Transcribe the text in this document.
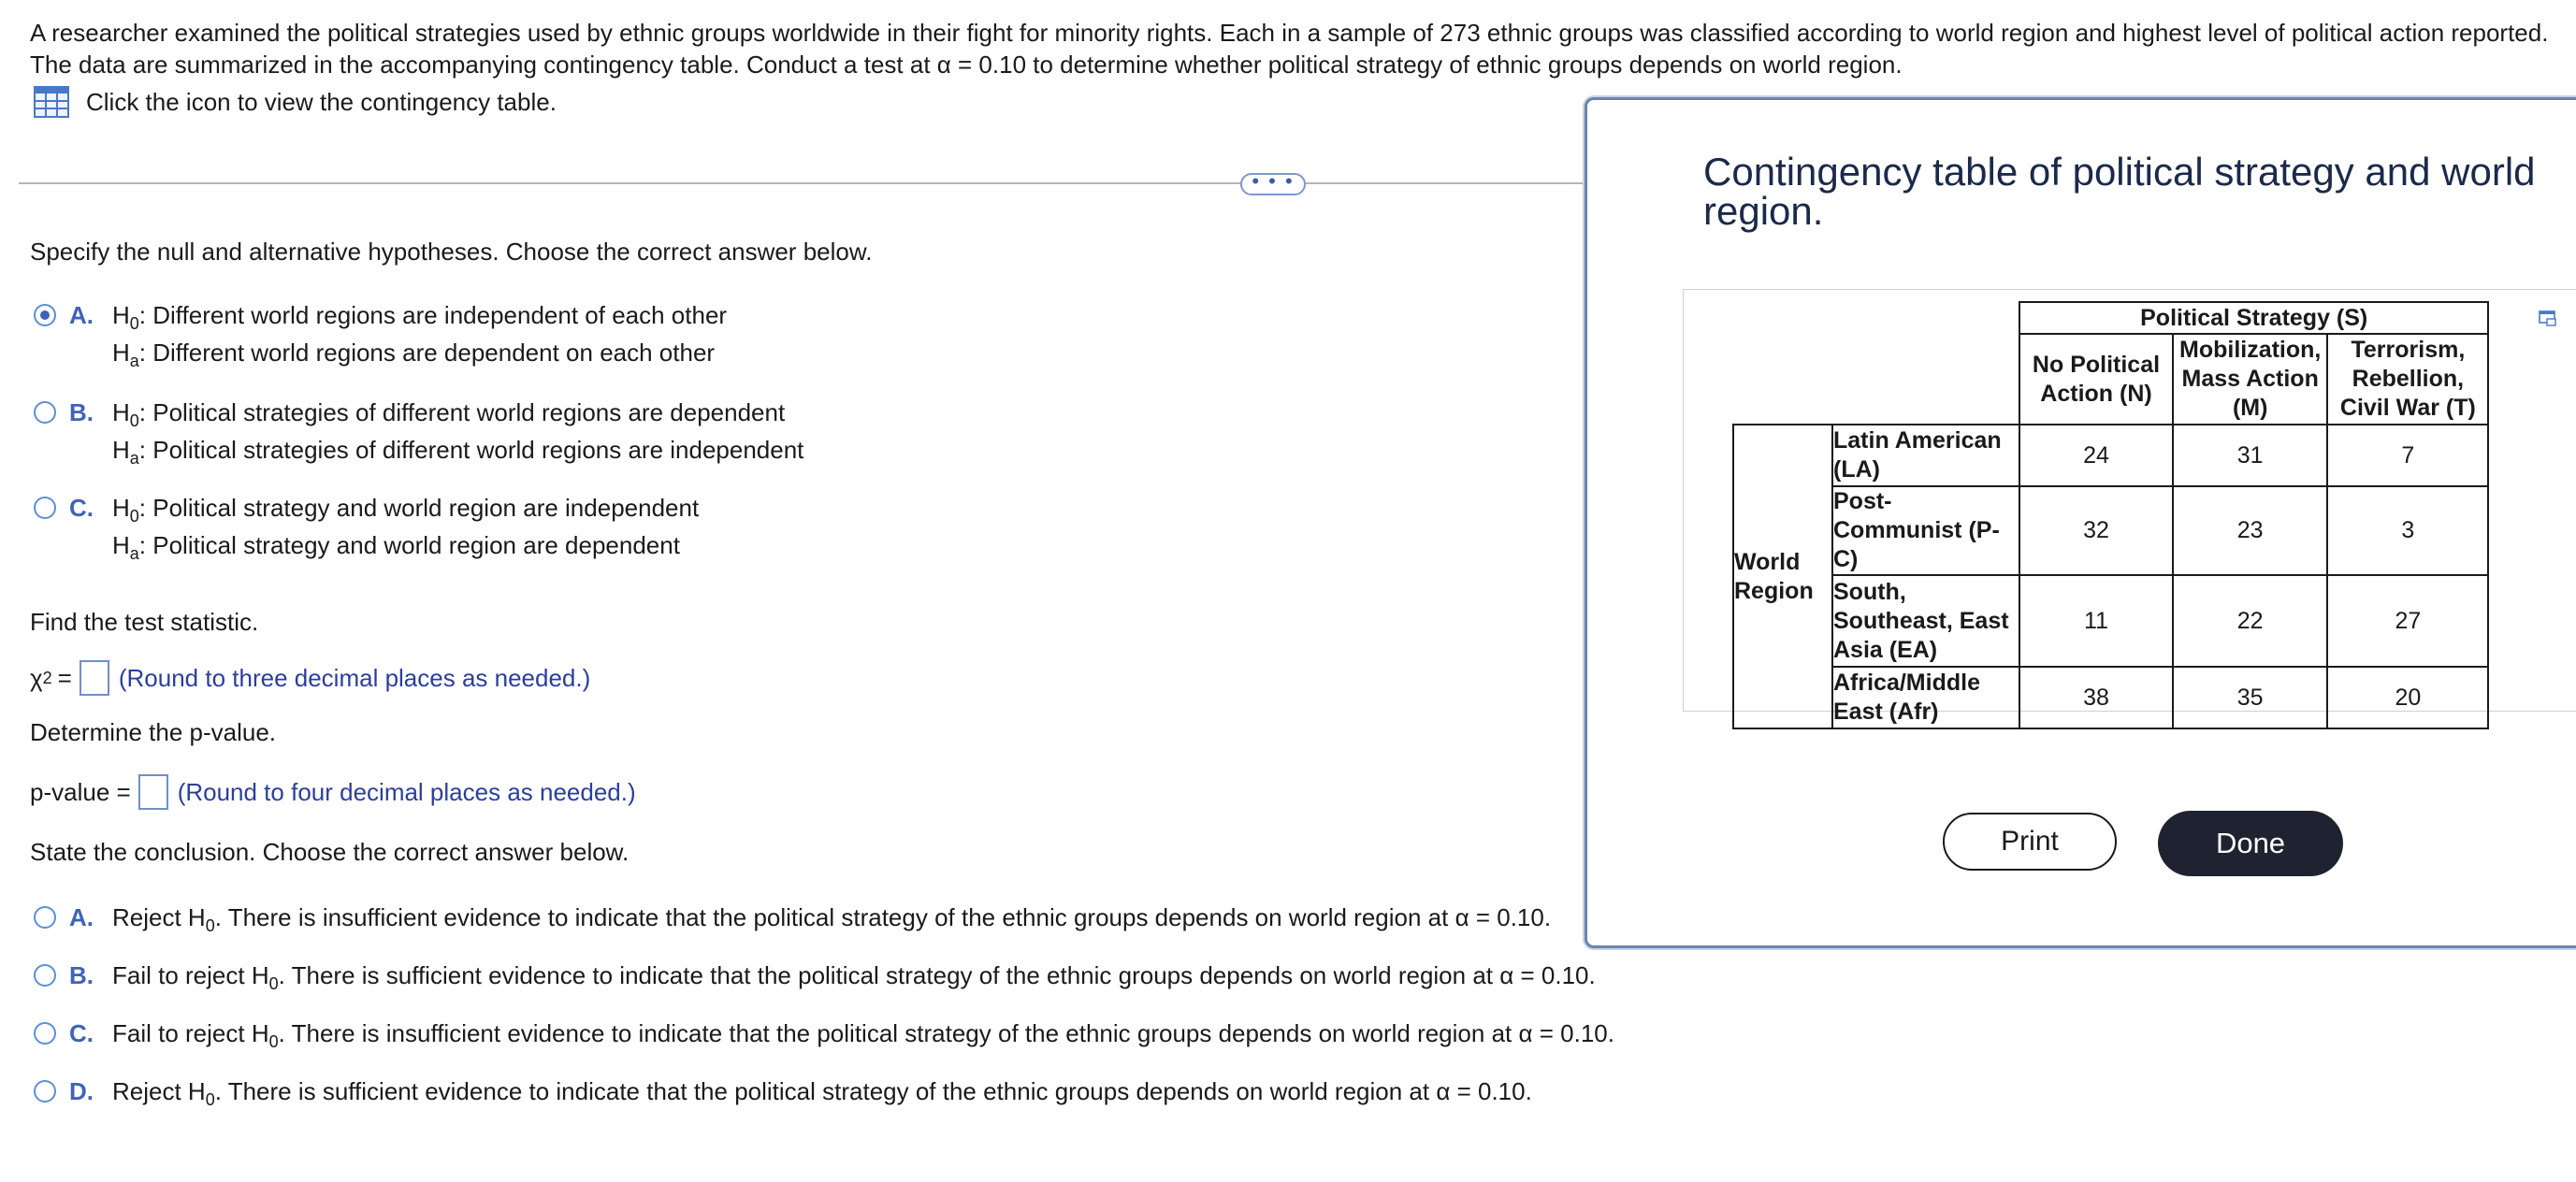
A researcher examined the political strategies used by ethnic groups worldwide in their fight for minority rights. Each in a sample of 273 ethnic groups was classified according to world region and highest level of political action reported.

The data are summarized in the accompanying contingency table. Conduct a test at α = 0.10 to determine whether political strategy of ethnic groups depends on world region.

Click the icon to view the contingency table.
• • •
Specify the null and alternative hypotheses. Choose the correct answer below.
A. $H_0$: Different world regions are independent of each other
$H_a$: Different world regions are dependent on each other
B. $H_0$: Political strategies of different world regions are dependent
$H_a$: Political strategies of different world regions are independent
C. $H_0$: Political strategy and world region are independent
$H_a$: Political strategy and world region are dependent
Find the test statistic.
χ 2 = (Round to three decimal places as needed.)
Determine the p-value.
p-value = (Round to four decimal places as needed.)
State the conclusion. Choose the correct answer below.
A. Reject $H_0$. There is insufficient evidence to indicate that the political strategy of the ethnic groups depends on world region at α = 0.10.
B. Fail to reject $H_0$. There is sufficient evidence to indicate that the political strategy of the ethnic groups depends on world region at α = 0.10.
C. Fail to reject $H_0$. There is insufficient evidence to indicate that the political strategy of the ethnic groups depends on world region at α = 0.10.
D. Reject $H_0$. There is sufficient evidence to indicate that the political strategy of the ethnic groups depends on world region at α = 0.10.
Contingency table of political strategy and world region.
		Political Strategy (S)		
		No Political Action (N)	Mobilization, Mass Action (M)	Terrorism, Rebellion, Civil War (T)
World Region	Latin American (LA)	24	31	7
	Post-Communist (P-C)	32	23	3
	South, Southeast, East Asia (EA)	11	22	27
	Africa/Middle East (Afr)	38	35	20
Print	Done
